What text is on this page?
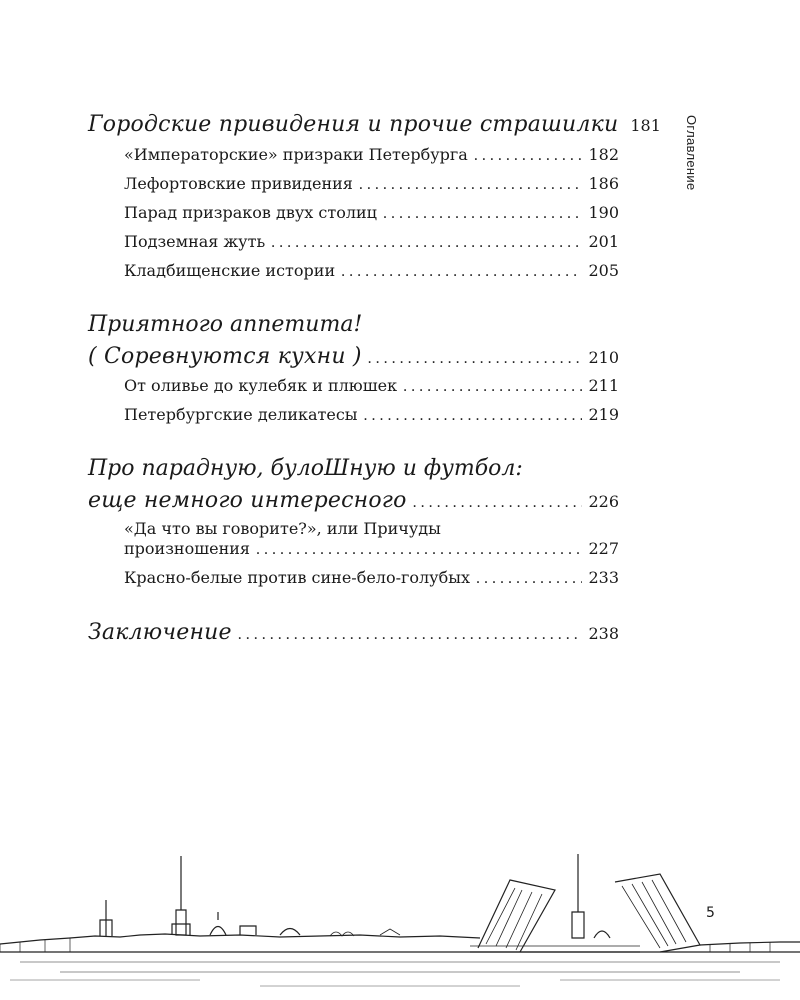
Оглавление
Городские привидения и прочие страшилки 181
«Императорские» призраки Петербурга . . .	182
Лефортовские привидения . . .	186
Парад призраков двух столиц . . .	190
Подземная жуть . . .	201
Кладбищенские истории . . .	205
Приятного аппетита!
( Соревнуются кухни ) . . .	210
От оливье до кулебяк и плюшек . . .	211
Петербургские деликатесы . . .	219
Про парадную, булоШную и футбол:
еще немного интересного . . .	226
«Да что вы говорите?», или Причуды
произношения . . .	227
Красно-белые против сине-бело-голубых . . .	233
Заключение . . .	238
5
